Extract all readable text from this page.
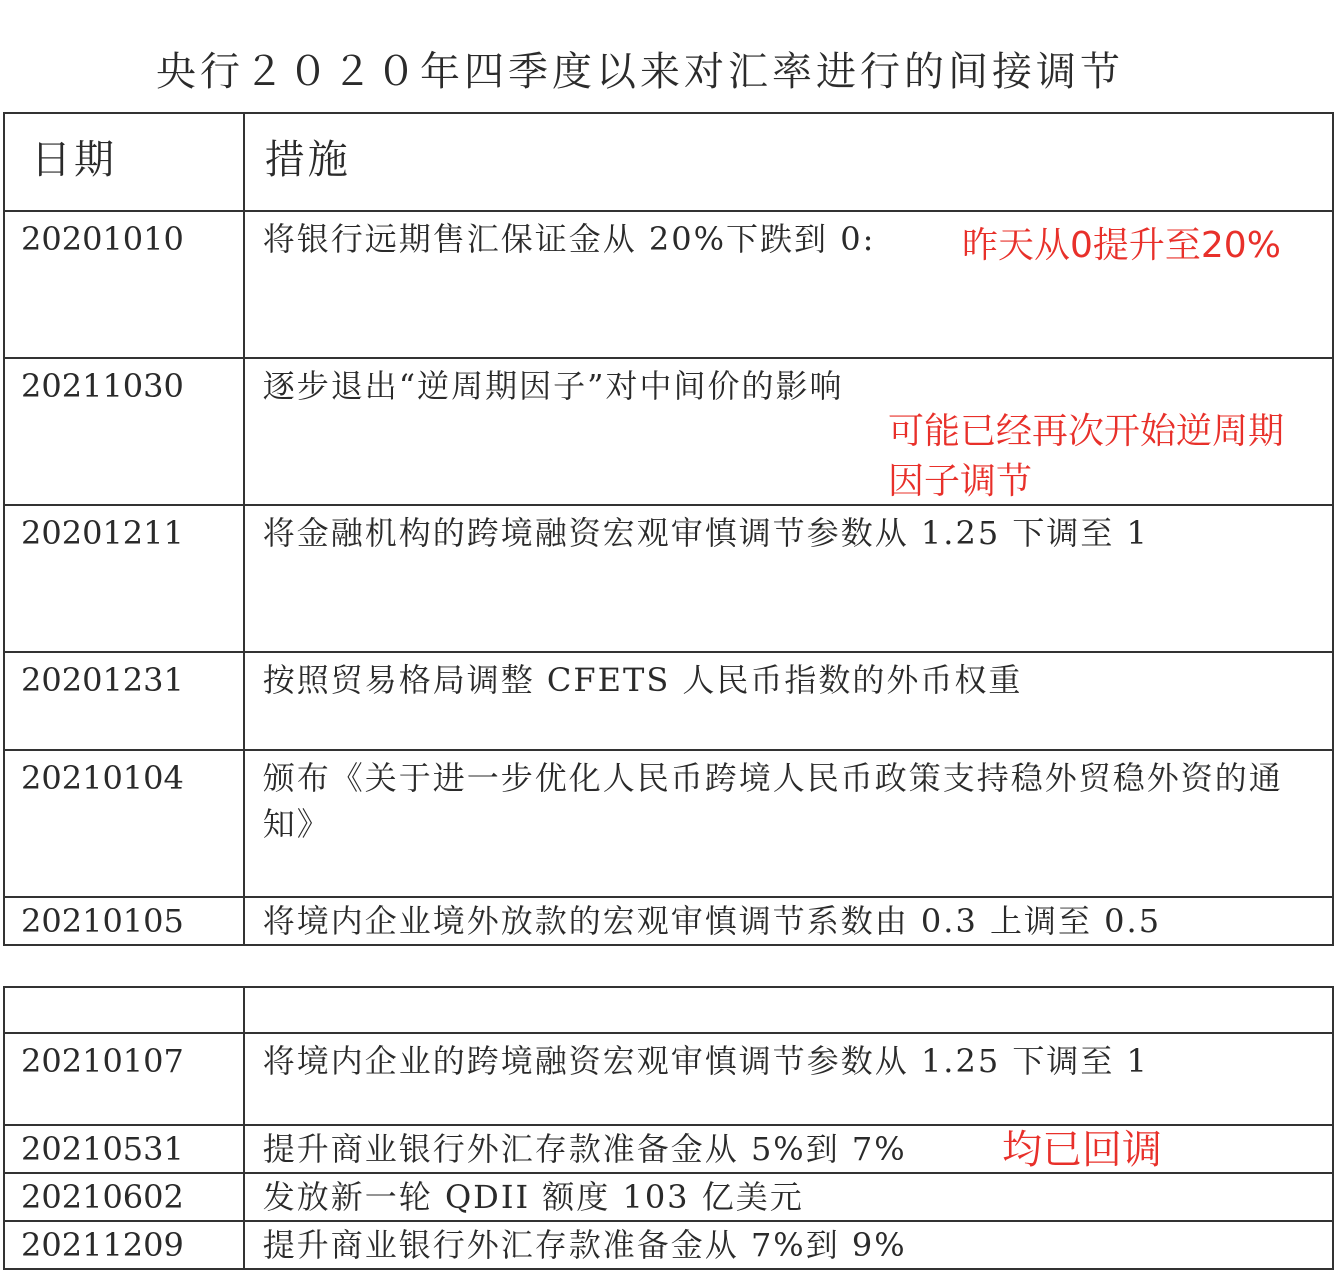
央行２０２０年四季度以来对汇率进行的间接调节
日期	措施

20201010	将银行远期售汇保证金从 20%下跌到 0:

20211030	逐步退出“逆周期因子”对中间价的影响

20201211	将金融机构的跨境融资宏观审慎调节参数从 1.25 下调至 1

20201231	按照贸易格局调整 CFETS 人民币指数的外币权重

20210104	颁布《关于进一步优化人民币跨境人民币政策支持稳外贸稳外资的通知》

20210105	将境内企业境外放款的宏观审慎调节系数由 0.3 上调至 0.5

20210107	将境内企业的跨境融资宏观审慎调节参数从 1.25 下调至 1

20210531	提升商业银行外汇存款准备金从 5%到 7%

20210602	发放新一轮 QDII 额度 103 亿美元

20211209	提升商业银行外汇存款准备金从 7%到 9%
昨天从0提升至20%
可能已经再次开始逆周期
因子调节
均已回调
